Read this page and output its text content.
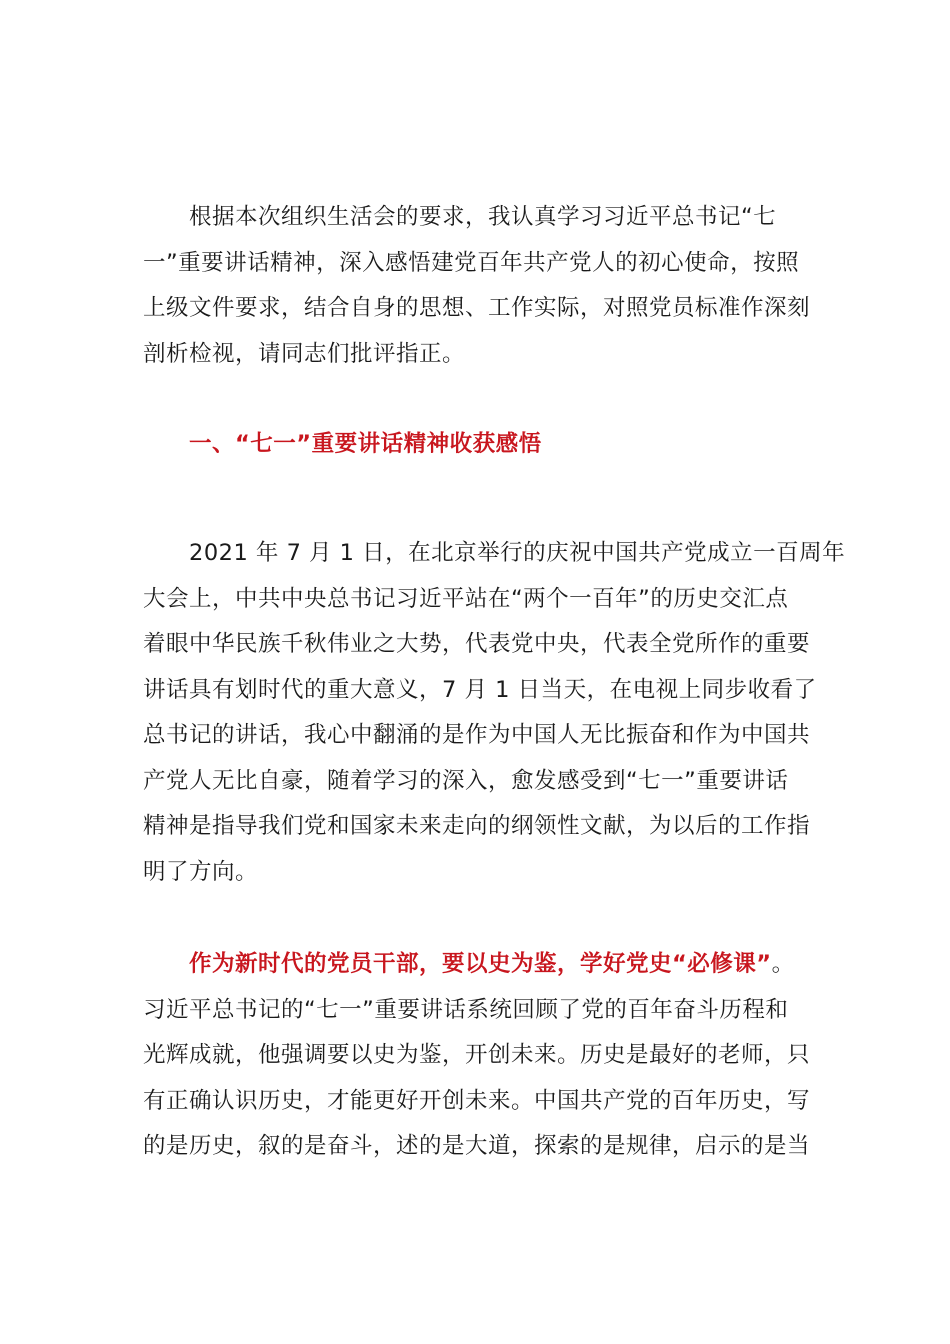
根据本次组织生活会的要求，我认真学习习近平总书记“七
一”重要讲话精神，深入感悟建党百年共产党人的初心使命，按照
上级文件要求，结合自身的思想、工作实际，对照党员标准作深刻
剖析检视，请同志们批评指正。

一、“七一”重要讲话精神收获感悟

2021 年 7 月 1 日，在北京举行的庆祝中国共产党成立一百周年
大会上，中共中央总书记习近平站在“两个一百年”的历史交汇点
着眼中华民族千秋伟业之大势，代表党中央，代表全党所作的重要
讲话具有划时代的重大意义，7 月 1 日当天，在电视上同步收看了
总书记的讲话，我心中翻涌的是作为中国人无比振奋和作为中国共
产党人无比自豪，随着学习的深入，愈发感受到“七一”重要讲话
精神是指导我们党和国家未来走向的纲领性文献，为以后的工作指
明了方向。

作为新时代的党员干部，要以史为鉴，学好党史“必修课”。
习近平总书记的“七一”重要讲话系统回顾了党的百年奋斗历程和
光辉成就，他强调要以史为鉴，开创未来。历史是最好的老师，只
有正确认识历史，才能更好开创未来。中国共产党的百年历史，写
的是历史，叙的是奋斗，述的是大道，探索的是规律，启示的是当
